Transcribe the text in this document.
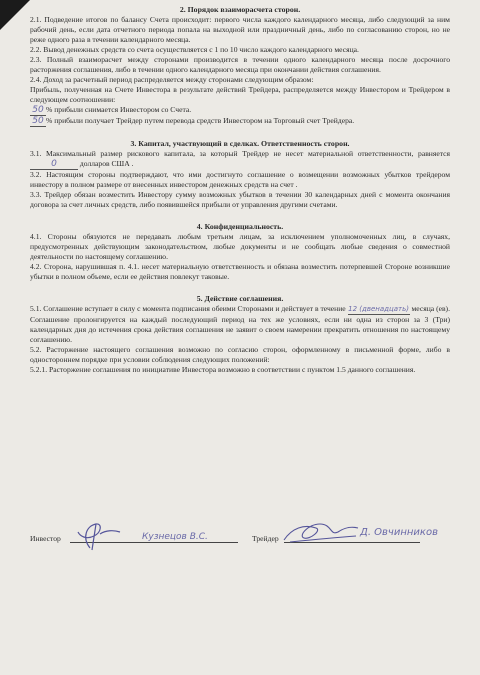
2. Порядок взаиморасчета сторон.

2.1. Подведение итогов по балансу Счета происходит: первого числа каждого календарного месяца, либо следующий за ним рабочий день, если дата отчетного периода попала на выходной или праздничный день, либо по согласованию сторон, но не реже одного раза в течении календарного месяца.

2.2. Вывод денежных средств со счета осуществляется с 1 по 10 число каждого календарного месяца.

2.3. Полный взаиморасчет между сторонами производится в течении одного календарного месяца после досрочного расторжения соглашения, либо в течении одного календарного месяца при окончании действия соглашения.

2.4. Доход за расчетный период распределяется между сторонами следующим образом:

Прибыль, полученная на Счете Инвестора в результате действий Трейдера, распределяется между Инвестором и Трейдером в следующем соотношении:

50 % прибыли снимается Инвестором со Счета.

50 % прибыли получает Трейдер путем перевода средств Инвестором на Торговый счет Трейдера.

3. Капитал, участвующий в сделках. Ответственность сторон.

3.1. Максимальный размер рискового капитала, за который Трейдер не несет материальной ответственности, равняется 0	долларов США .

3.2. Настоящим стороны подтверждают, что ими достигнуто соглашение о возмещении возможных убытков трейдером инвестору в полном размере от внесенных инвестором денежных средств на счет .

3.3. Трейдер обязан возместить Инвестору сумму возможных убытков в течении 30 календарных дней с момента окончания договора за счет личных средств, либо появившейся прибыли от управления другими счетами.

4. Конфиденциальность.

4.1. Стороны обязуются не передавать любым третьим лицам, за исключением уполномоченных лиц, в случаях, предусмотренных действующим законодательством, любые документы и не сообщать любые сведения о совместной деятельности по настоящему соглашению.

4.2. Сторона, нарушившая п. 4.1. несет материальную ответственность и обязана возместить потерпевшей Стороне возникшие убытки в полном объеме, если ее действия повлекут таковые.

5. Действие соглашения.

5.1. Соглашение вступает в силу с момента подписания обеими Сторонами и действует в течение 12 (двенадцать) месяца (ев). Соглашение пролонгируется на каждый последующий период на тех же условиях, если ни одна из сторон за 3 (Три) календарных дня до истечения срока действия соглашения не заявит о своем намерении прекратить отношения по настоящему соглашению.

5.2. Расторжение настоящего соглашения возможно по согласию сторон, оформленному в письменной форме, либо в одностороннем порядке при условии соблюдения следующих положений:

5.2.1. Расторжение соглашения по инициативе Инвестора возможно в соответствии с пунктом 1.5 данного соглашения.

Инвестор	Кузнецов В.С.	Трейдер
Д. Овчинников
